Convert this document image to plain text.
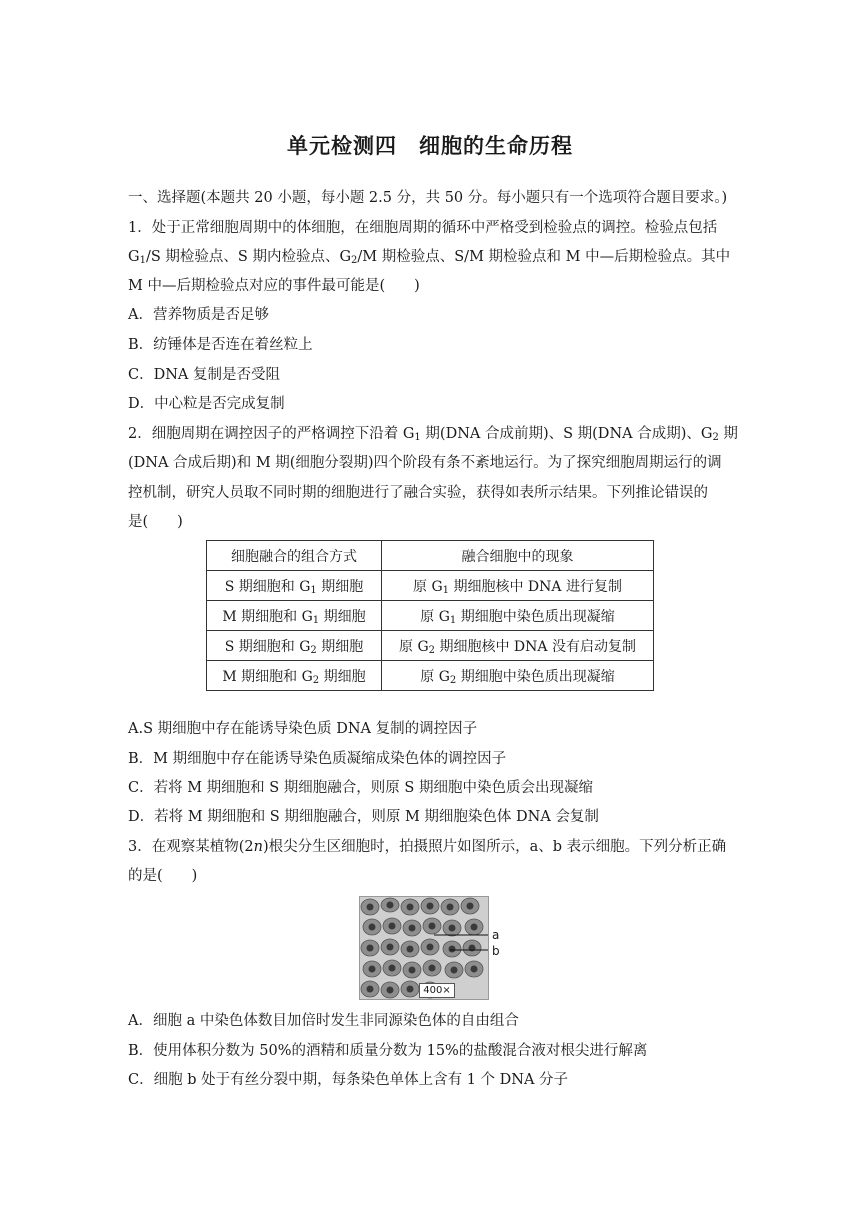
单元检测四　细胞的生命历程
一、选择题(本题共 20 小题，每小题 2.5 分，共 50 分。每小题只有一个选项符合题目要求。)
1．处于正常细胞周期中的体细胞，在细胞周期的循环中严格受到检验点的调控。检验点包括
$G_1/S$ 期检验点、S 期内检验点、$G_2/M$ 期检验点、S/M 期检验点和 M 中—后期检验点。其中
M 中—后期检验点对应的事件最可能是(　　)
A．营养物质是否足够
B．纺锤体是否连在着丝粒上
C．DNA 复制是否受阻
D．中心粒是否完成复制
2．细胞周期在调控因子的严格调控下沿着 $G_1$ 期(DNA 合成前期)、S 期(DNA 合成期)、$G_2$ 期
(DNA 合成后期)和 M 期(细胞分裂期)四个阶段有条不紊地运行。为了探究细胞周期运行的调
控机制，研究人员取不同时期的细胞进行了融合实验，获得如表所示结果。下列推论错误的
是(　　)
细胞融合的组合方式	融合细胞中的现象
S 期细胞和 $G_1$ 期细胞	原 $G_1$ 期细胞核中 DNA 进行复制
M 期细胞和 $G_1$ 期细胞	原 $G_1$ 期细胞中染色质出现凝缩
S 期细胞和 $G_2$ 期细胞	原 $G_2$ 期细胞核中 DNA 没有启动复制
M 期细胞和 $G_2$ 期细胞	原 $G_2$ 期细胞中染色质出现凝缩
A.S 期细胞中存在能诱导染色质 DNA 复制的调控因子
B．M 期细胞中存在能诱导染色质凝缩成染色体的调控因子
C．若将 M 期细胞和 S 期细胞融合，则原 S 期细胞中染色质会出现凝缩
D．若将 M 期细胞和 S 期细胞融合，则原 M 期细胞染色体 DNA 会复制
3．在观察某植物(2n)根尖分生区细胞时，拍摄照片如图所示，a、b 表示细胞。下列分析正确
的是(　　)
a
b
400×
A．细胞 a 中染色体数目加倍时发生非同源染色体的自由组合
B．使用体积分数为 50%的酒精和质量分数为 15%的盐酸混合液对根尖进行解离
C．细胞 b 处于有丝分裂中期，每条染色单体上含有 1 个 DNA 分子
